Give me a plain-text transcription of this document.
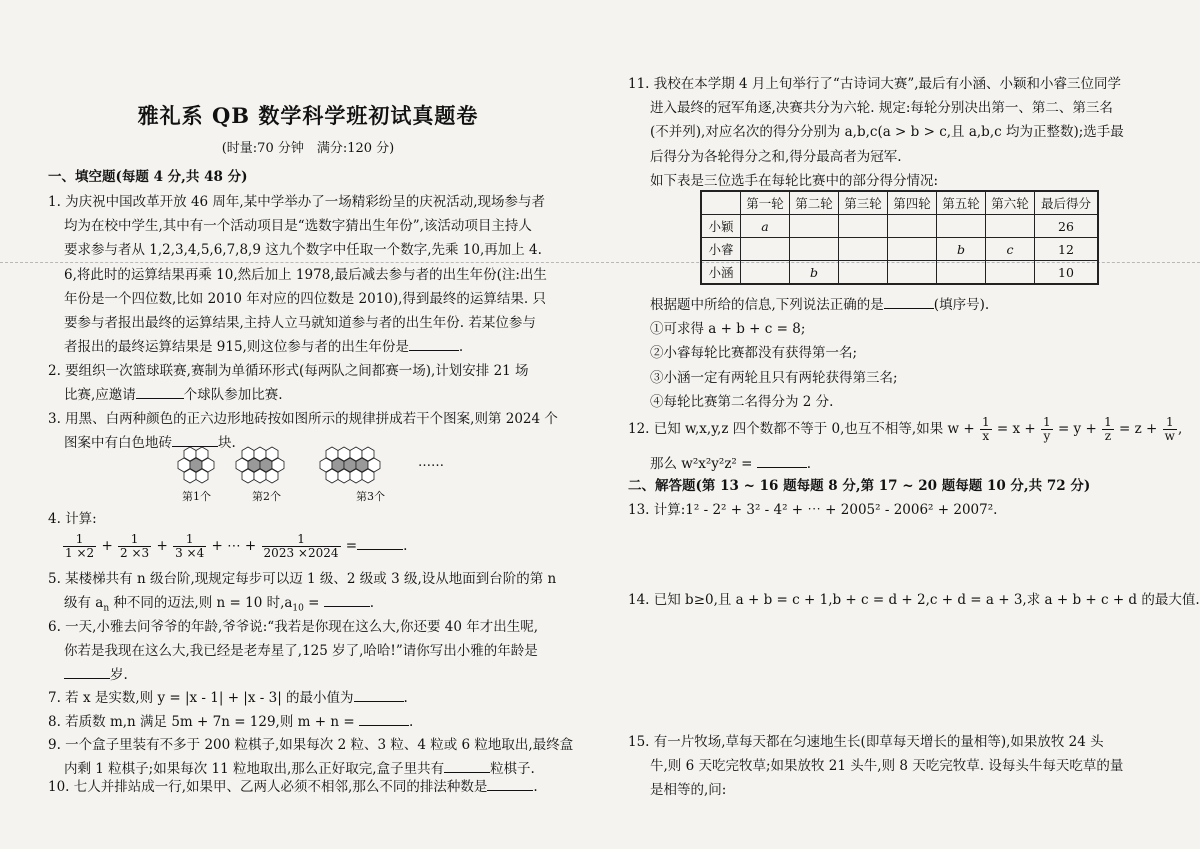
雅礼系 QB 数学科学班初试真题卷
(时量:70 分钟　满分:120 分)
一、填空题(每题 4 分,共 48 分)
1. 为庆祝中国改革开放 46 周年,某中学举办了一场精彩纷呈的庆祝活动,现场参与者
均为在校中学生,其中有一个活动项目是“选数字猜出生年份”,该活动项目主持人
要求参与者从 1,2,3,4,5,6,7,8,9 这九个数字中任取一个数字,先乘 10,再加上 4.
6,将此时的运算结果再乘 10,然后加上 1978,最后减去参与者的出生年份(注:出生
年份是一个四位数,比如 2010 年对应的四位数是 2010),得到最终的运算结果. 只
要参与者报出最终的运算结果,主持人立马就知道参与者的出生年份. 若某位参与
者报出的最终运算结果是 915,则这位参与者的出生年份是	.
2. 要组织一次篮球联赛,赛制为单循环形式(每两队之间都赛一场),计划安排 21 场
比赛,应邀请	个球队参加比赛.
3. 用黑、白两种颜色的正六边形地砖按如图所示的规律拼成若干个图案,则第 2024 个
图案中有白色地砖	块.
第1个	第2个	第3个
……
4. 计算:
$\frac{1}{1 \times 2} + \frac{1}{2 \times 3} + \frac{1}{3 \times 4}$ + ⋯ + $\frac{1}{2023 \times 2024}$ =	.
5. 某楼梯共有 n 级台阶,现规定每步可以迈 1 级、2 级或 3 级,设从地面到台阶的第 n
级有 $a_n$ 种不同的迈法,则 n = 10 时$,a_{10}$ =	.
6. 一天,小雅去问爷爷的年龄,爷爷说:“我若是你现在这么大,你还要 40 年才出生呢,
你若是我现在这么大,我已经是老寿星了,125 岁了,哈哈!”请你写出小雅的年龄是
岁.
7. 若 x 是实数,则 y = |x - 1| + |x - 3| 的最小值为	.
8. 若质数 m,n 满足 5m + 7n = 129,则 m + n =	.
9. 一个盒子里装有不多于 200 粒棋子,如果每次 2 粒、3 粒、4 粒或 6 粒地取出,最终盒
内剩 1 粒棋子;如果每次 11 粒地取出,那么正好取完,盒子里共有	粒棋子.
10. 七人并排站成一行,如果甲、乙两人必须不相邻,那么不同的排法种数是	.
11. 我校在本学期 4 月上旬举行了“古诗词大赛”,最后有小涵、小颖和小睿三位同学
进入最终的冠军角逐,决赛共分为六轮. 规定:每轮分别决出第一、第二、第三名
(不并列),对应名次的得分分别为 a,b,c(a > b > c,且 a,b,c 均为正整数);选手最
后得分为各轮得分之和,得分最高者为冠军.
如下表是三位选手在每轮比赛中的部分得分情况:
	第一轮	第二轮	第三轮	第四轮	第五轮	第六轮	最后得分
小颖	a						26
小睿					b	c	12
小涵		b					10
根据题中所给的信息,下列说法正确的是	(填序号).
①可求得 a + b + c = 8;
②小睿每轮比赛都没有获得第一名;
③小涵一定有两轮且只有两轮获得第三名;
④每轮比赛第二名得分为 2 分.
12. 已知 w,x,y,z 四个数都不等于 0,也互不相等,如果 $w + \frac{1}{x} = x + \frac{1}{y} = y + \frac{1}{z} = z + \frac{1}{w}$ ,
那么 w²x²y²z² =	.
二、解答题(第 13 ~ 16 题每题 8 分,第 17 ~ 20 题每题 10 分,共 72 分)
13. 计算:1² - 2² + 3² - 4² + ⋯ + 2005² - 2006² + 2007².
14. 已知 b≥0,且 a + b = c + 1,b + c = d + 2,c + d = a + 3,求 a + b + c + d 的最大值.
15. 有一片牧场,草每天都在匀速地生长(即草每天增长的量相等),如果放牧 24 头
牛,则 6 天吃完牧草;如果放牧 21 头牛,则 8 天吃完牧草. 设每头牛每天吃草的量
是相等的,问:
